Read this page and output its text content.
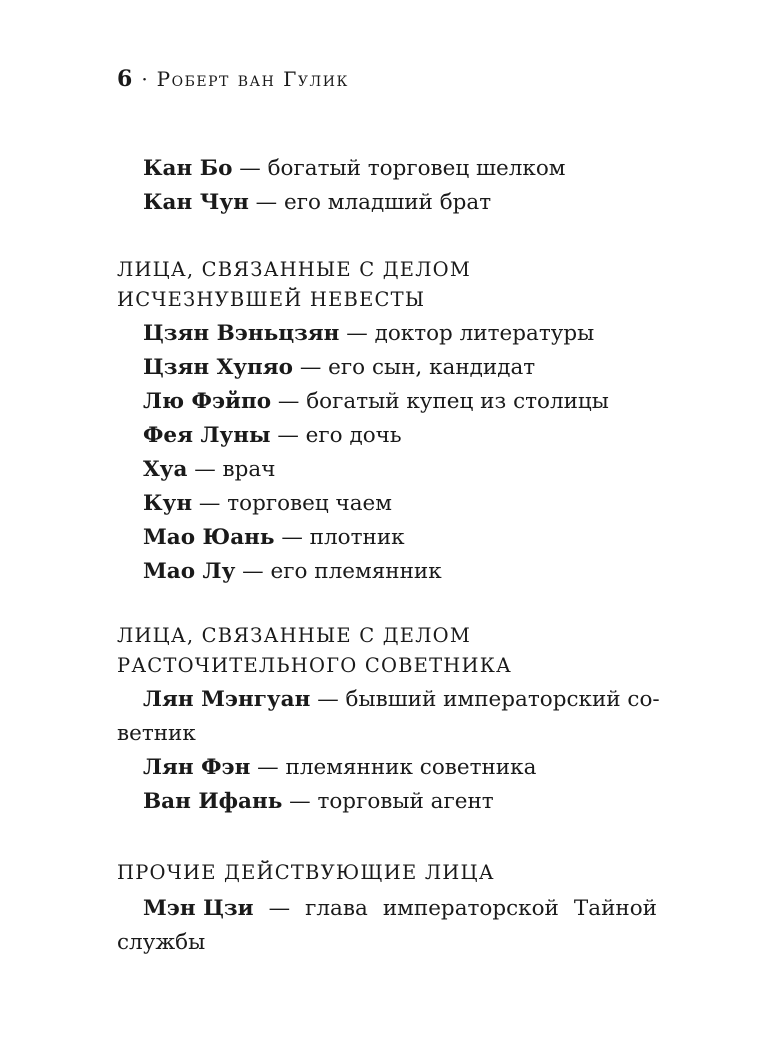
6 · Роберт ван Гулик
Кан Бо — богатый торговец шелком
Кан Чун — его младший брат
ЛИЦА, СВЯЗАННЫЕ С ДЕЛОМ
ИСЧЕЗНУВШЕЙ НЕВЕСТЫ
Цзян Вэньцзян — доктор литературы
Цзян Хупяо — его сын, кандидат
Лю Фэйпо — богатый купец из столицы
Фея Луны — его дочь
Хуа — врач
Кун — торговец чаем
Мао Юань — плотник
Мао Лу — его племянник
ЛИЦА, СВЯЗАННЫЕ С ДЕЛОМ
РАСТОЧИТЕЛЬНОГО СОВЕТНИКА
Лян Мэнгуан — бывший императорский со-
ветник
Лян Фэн — племянник советника
Ван Ифань — торговый агент
ПРОЧИЕ ДЕЙСТВУЮЩИЕ ЛИЦА
Мэн Цзи — глава императорской Тайной
службы
